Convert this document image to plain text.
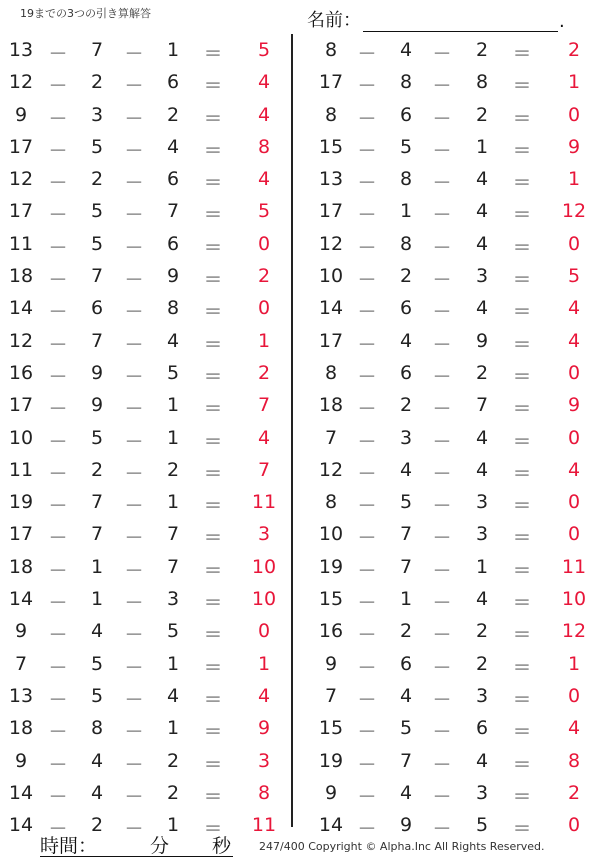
19までの3つの引き算解答	名前：	.
13 －	7	－	1	＝	5
12 －	2	－	6	＝	4
9	－	3	－	2	＝	4
17 －	5	－	4	＝	8
12 －	2	－	6	＝	4
17 －	5	－	7	＝	5
11 －	5	－	6	＝	0
18 －	7	－	9	＝	2
14 －	6	－	8	＝	0
12 －	7	－	4	＝	1
16 －	9	－	5	＝	2
17 －	9	－	1	＝	7
10 －	5	－	1	＝	4
11 －	2	－	2	＝	7
19 －	7	－	1	＝	11
17 －	7	－	7	＝	3
18 －	1	－	7	＝	10
14 －	1	－	3	＝	10
9	－	4	－	5	＝	0
7	－	5	－	1	＝	1
13 －	5	－	4	＝	4
18 －	8	－	1	＝	9
9	－	4	－	2	＝	3
14 －	4	－	2	＝	8
14 －	2	－	1	＝	11
8	－	4	－	2	＝	2
17 －	8	－	8	＝	1
8	－	6	－	2	＝	0
15 －	5	－	1	＝	9
13 －	8	－	4	＝	1
17 －	1	－	4	＝	12
12 －	8	－	4	＝	0
10 －	2	－	3	＝	5
14 －	6	－	4	＝	4
17 －	4	－	9	＝	4
8	－	6	－	2	＝	0
18 －	2	－	7	＝	9
7	－	3	－	4	＝	0
12 －	4	－	4	＝	4
8	－	5	－	3	＝	0
10 －	7	－	3	＝	0
19 －	7	－	1	＝	11
15 －	1	－	4	＝	10
16 －	2	－	2	＝	12
9	－	6	－	2	＝	1
7	－	4	－	3	＝	0
15 －	5	－	6	＝	4
19 －	7	－	4	＝	8
9	－	4	－	3	＝	2
14 －	9	－	5	＝	0
時間：	分 秒	247/400 Copyright © Alpha.Inc All Rights Reserved.
